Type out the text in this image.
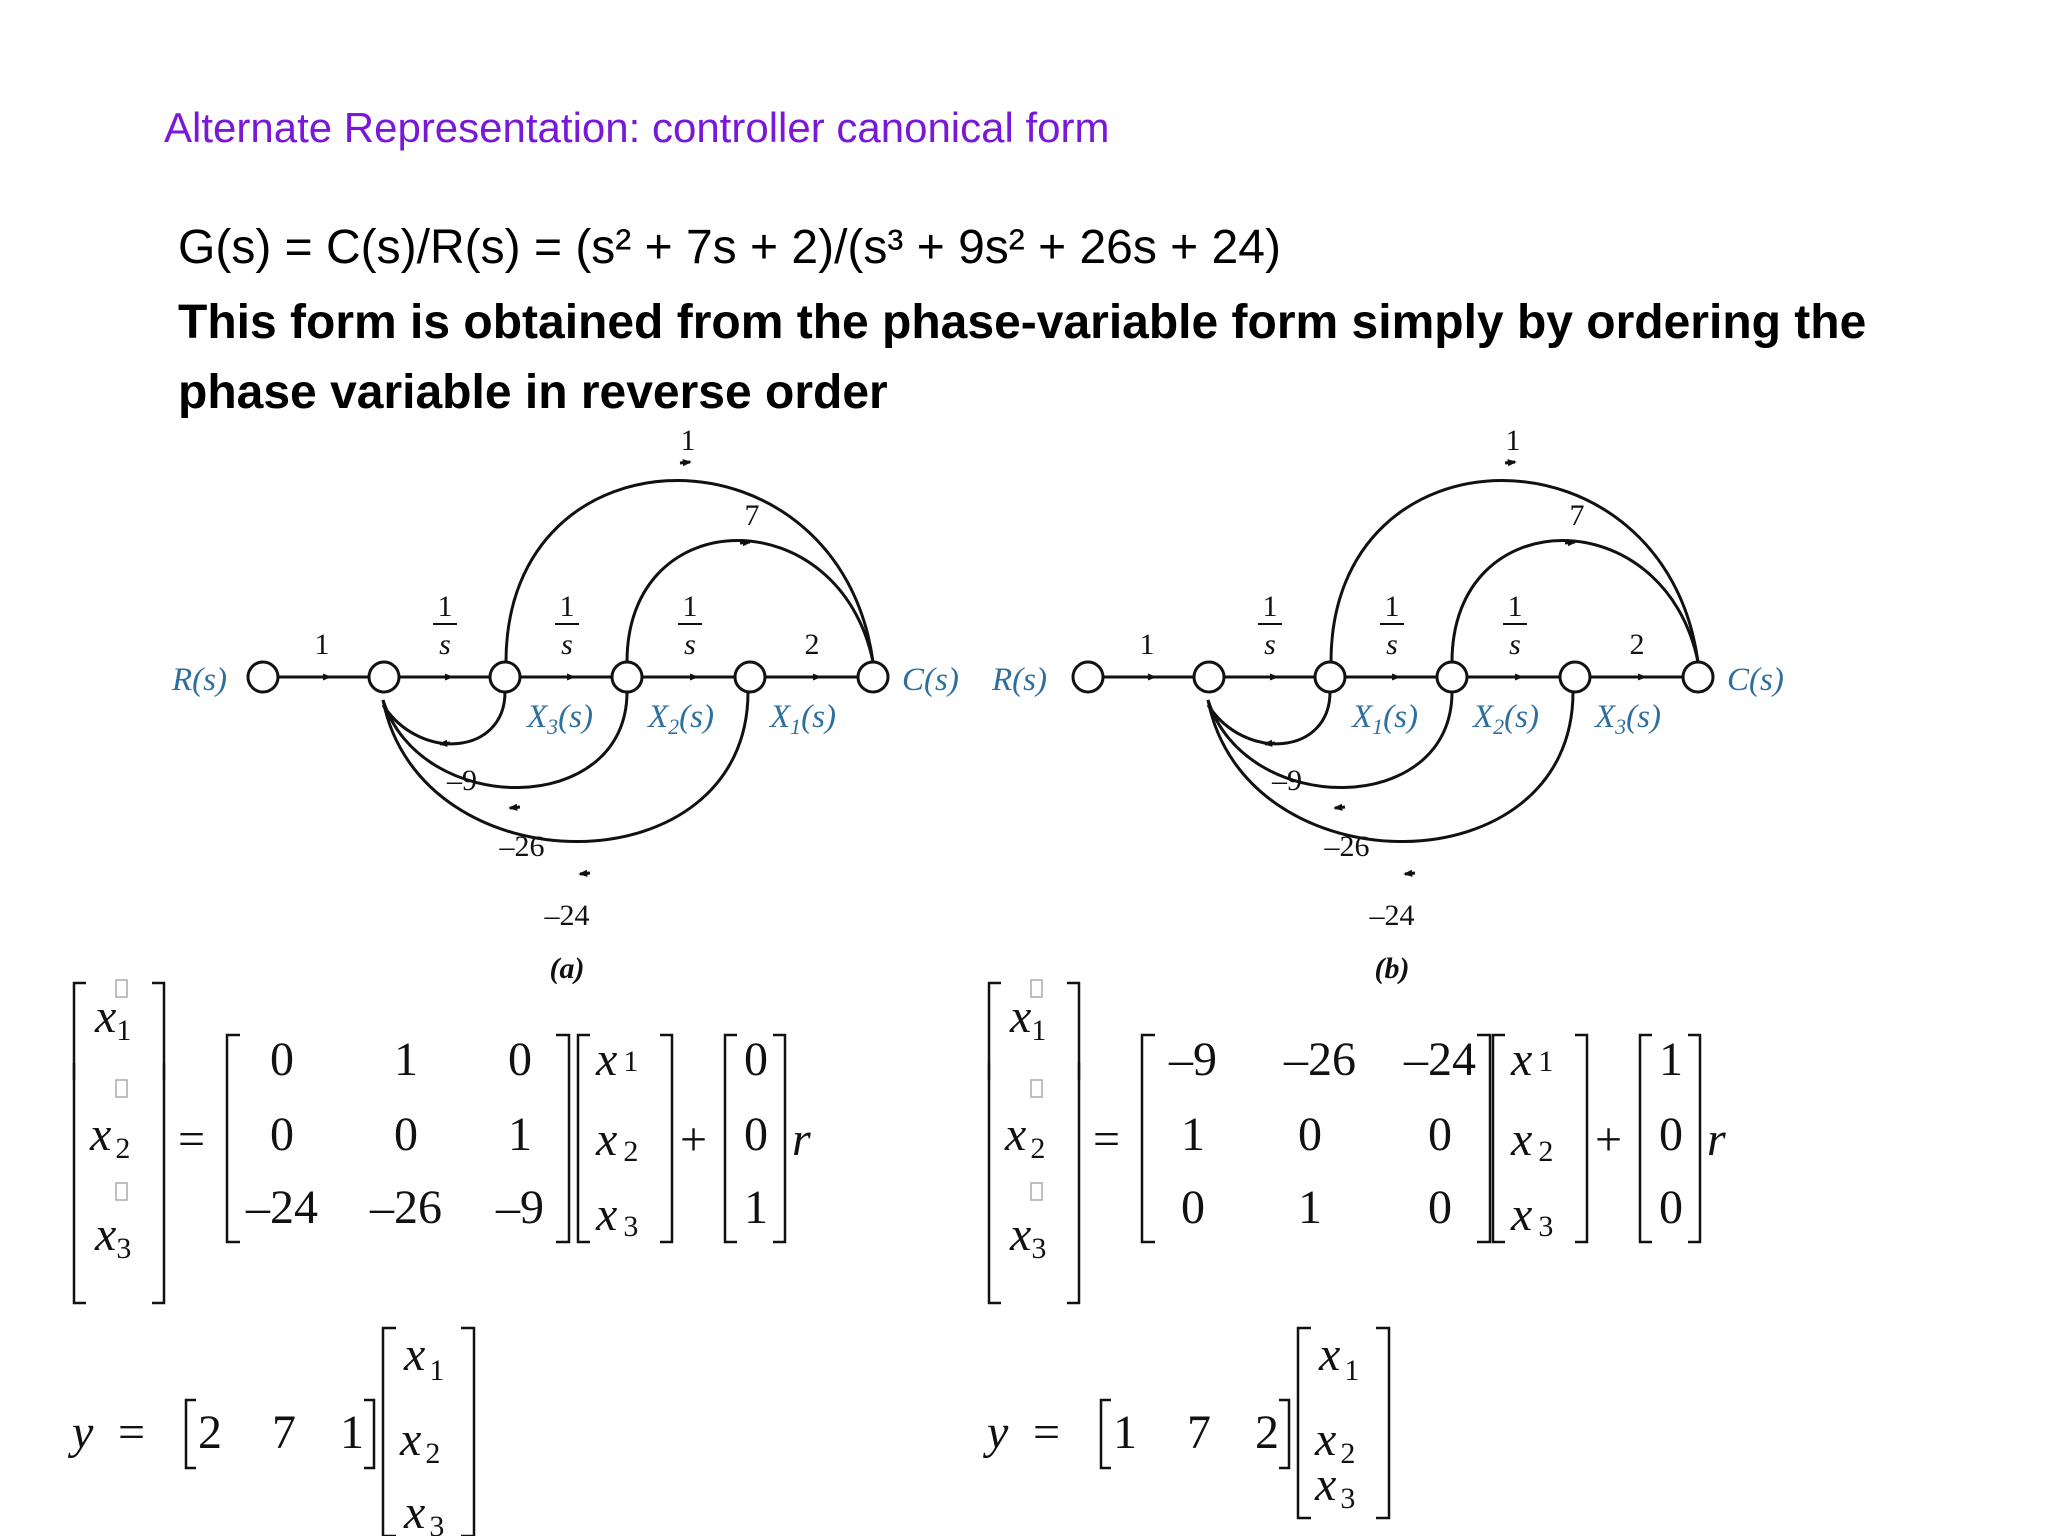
Alternate Representation: controller canonical form
G(s) = C(s)/R(s) = (s² + 7s + 2)/(s³ + 9s² + 26s + 24)
This form is obtained from the phase-variable form simply by ordering the phase variable in reverse order
R(s)	C(s)
1	2
1
s
1
s
1
s
1
7
$X_3(s)$ $X_2(s)$ $X_1(s)$
–9
–26
–24
(a)
R(s)	C(s)
1	2
1
s
1
s
1
s
1
7
$X_1(s)$ $X_2(s)$ $X_3(s)$
–9
–26
–24
(b)
x1
x 2
x3
=
0 1 0
0 0 1
–24 –26 –9
x 1
x 2
x 3
+
0
0
1
r
y = 2 7 1
x 1
x 2
x 3
x1
x 2
x3
=
–9 –26 –24
1 0 0
0 1 0
x 1
x 2
x 3
+
1
0
0
r
y = 1 7 2
x 1
x 2
x 3
